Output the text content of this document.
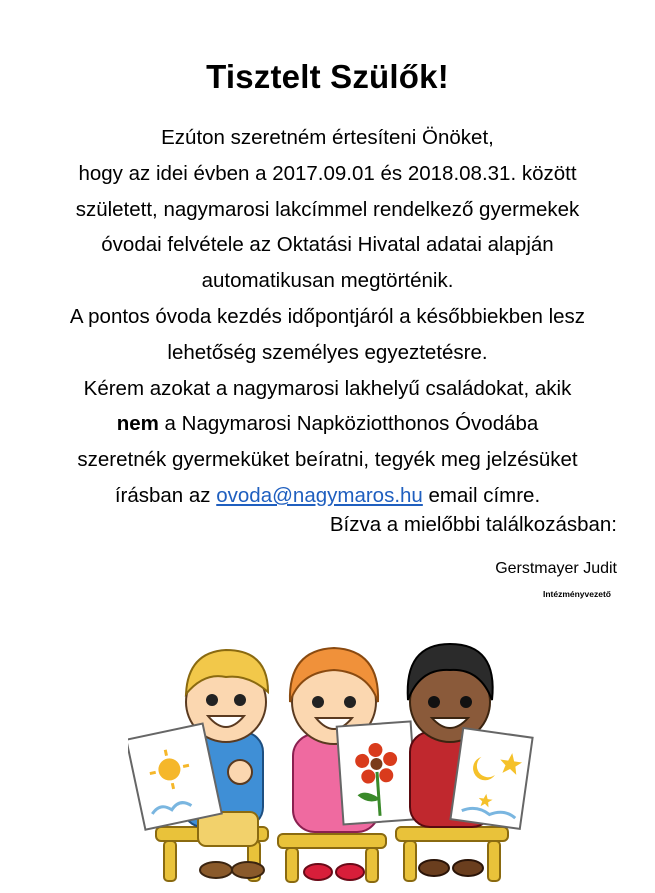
Tisztelt Szülők!

Ezúton szeretném értesíteni Önöket,

hogy az idei évben a 2017.09.01 és 2018.08.31. között

született, nagymarosi lakcímmel rendelkező gyermekek

óvodai felvétele az Oktatási Hivatal adatai alapján

automatikusan megtörténik.

A pontos óvoda kezdés időpontjáról a későbbiekben lesz

lehetőség személyes egyeztetésre.

Kérem azokat a nagymarosi lakhelyű családokat, akik

nem a Nagymarosi Napköziotthonos Óvodába

szeretnék gyermeküket beíratni, tegyék meg jelzésüket

írásban az ovoda@nagymaros.hu email címre.

Bízva a mielőbbi találkozásban:
Gerstmayer Judit
Intézményvezető
